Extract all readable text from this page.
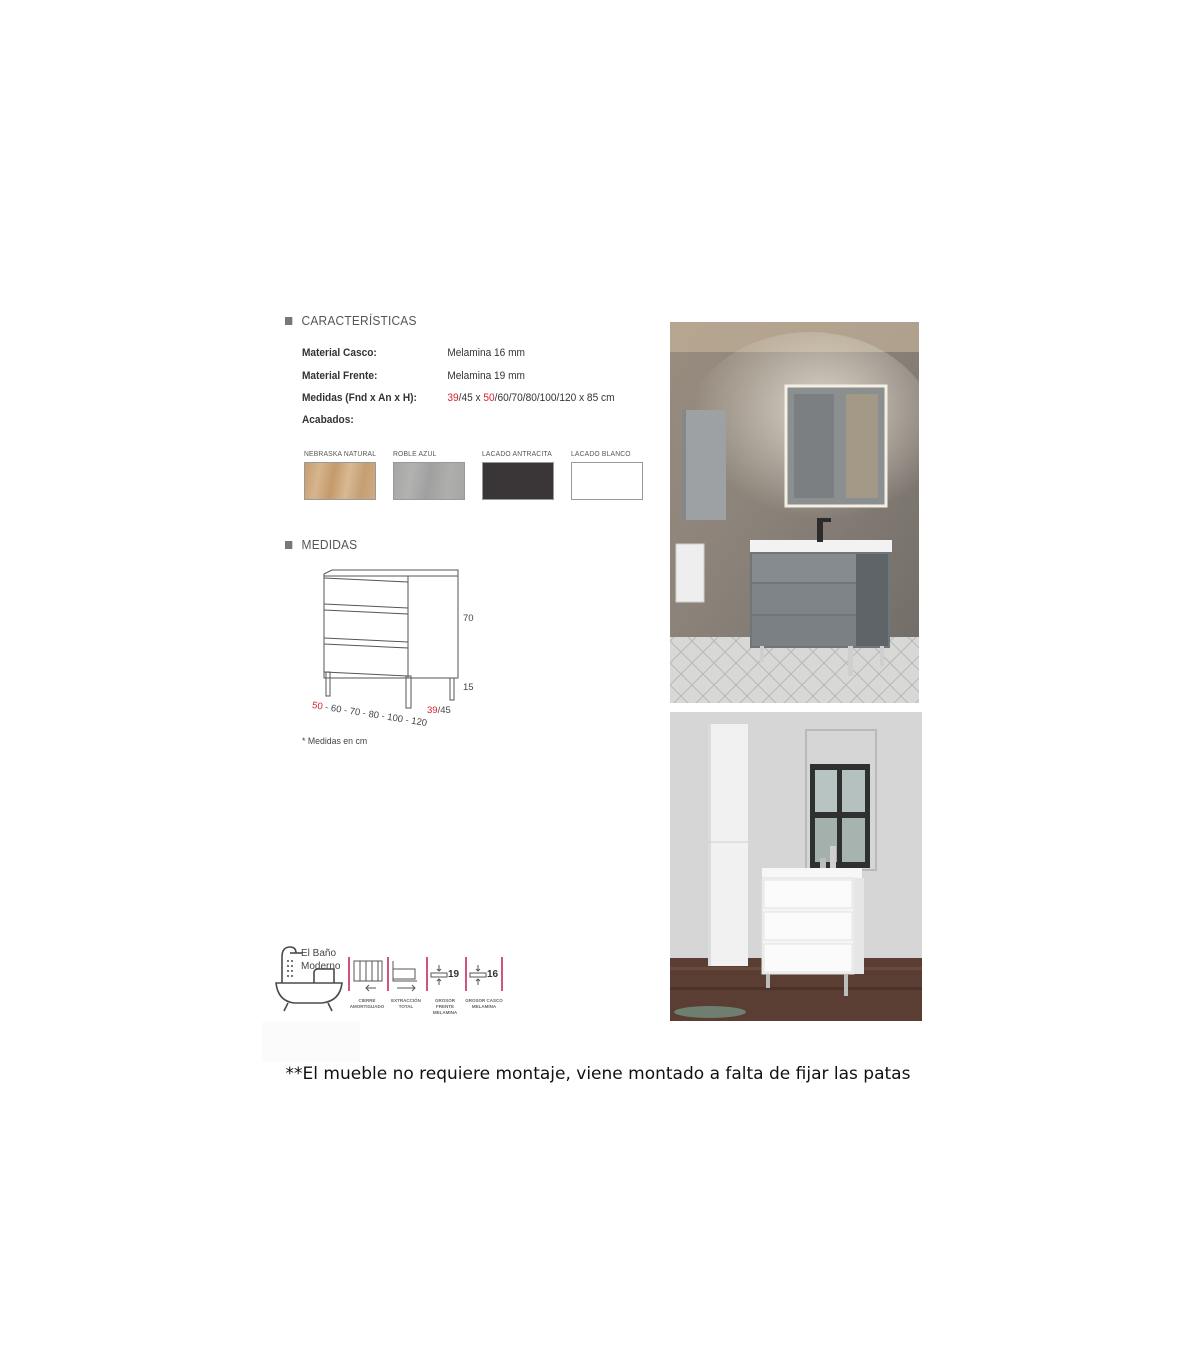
CARACTERÍSTICAS
Material Casco:	Melamina 16 mm
Material Frente:	Melamina 19 mm
Medidas (Fnd x An x H):	39/45 x 50/60/70/80/100/120 x 85 cm
Acabados:
NEBRASKA NATURAL ROBLE AZUL	LACADO ANTRACITA	LACADO BLANCO
MEDIDAS
70
15
50 - 60 - 70 - 80 - 100 - 120 39/45
* Medidas en cm
El Baño
Moderno
CIERRE
AMORTIGUADO
EXTRACCIÓN
TOTAL
19
GROSOR FRENTE
MELAMINA
16
GROSOR CASCO
MELAMINA
**El mueble no requiere montaje, viene montado a falta de fijar las patas
